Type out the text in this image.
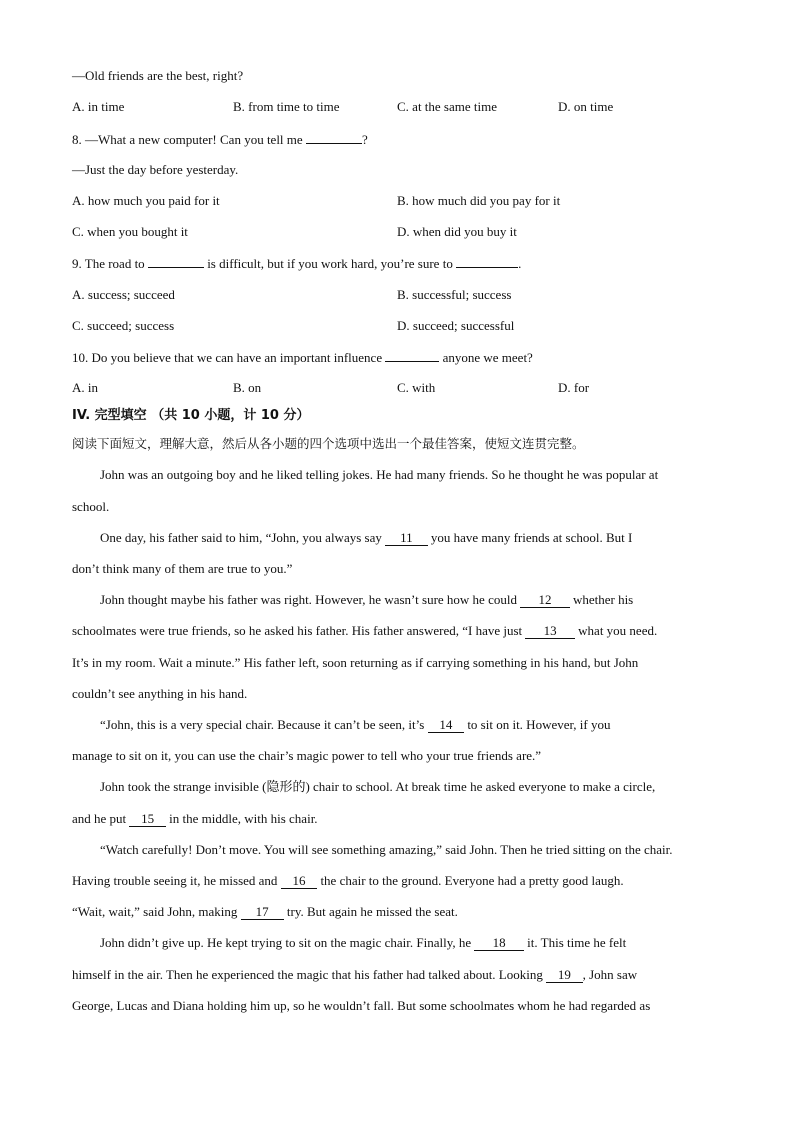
—Old friends are the best, right?
A. in time	B. from time to time	C. at the same time	D. on time
8. —What a new computer! Can you tell me	?
—Just the day before yesterday.
A. how much you paid for it	B. how much did you pay for it
C. when you bought it	D. when did you buy it
9. The road to	is difficult, but if you work hard, you’re sure to	.
A. success; succeed	B. successful; success
C. succeed; success	D. succeed; successful
10. Do you believe that we can have an important influence	anyone we meet?
A. in	B. on	C. with	D. for
IV. 完型填空 （共 10 小题，计 10 分）
阅读下面短文，理解大意，然后从各小题的四个选项中选出一个最佳答案，使短文连贯完整。
John was an outgoing boy and he liked telling jokes. He had many friends. So he thought he was popular at
school.
One day, his father said to him, “John, you always say     11     you have many friends at school. But I
don’t think many of them are true to you.”
John thought maybe his father was right. However, he wasn’t sure how he could      12      whether his
schoolmates were true friends, so he asked his father. His father answered, “I have just      13      what you need.
It’s in my room. Wait a minute.” His father left, soon returning as if carrying something in his hand, but John
couldn’t see anything in his hand.
“John, this is a very special chair. Because it can’t be seen, it’s    14    to sit on it. However, if you
manage to sit on it, you can use the chair’s magic power to tell who your true friends are.”
John took the strange invisible (隐形的) chair to school. At break time he asked everyone to make a circle,
and he put    15    in the middle, with his chair.
“Watch carefully! Don’t move. You will see something amazing,” said John. Then he tried sitting on the chair.
Having trouble seeing it, he missed and    16    the chair to the ground. Everyone had a pretty good laugh.
“Wait, wait,” said John, making     17     try. But again he missed the seat.
John didn’t give up. He kept trying to sit on the magic chair. Finally, he      18      it. This time he felt
himself in the air. Then he experienced the magic that his father had talked about. Looking    19 , John saw
George, Lucas and Diana holding him up, so he wouldn’t fall. But some schoolmates whom he had regarded as
